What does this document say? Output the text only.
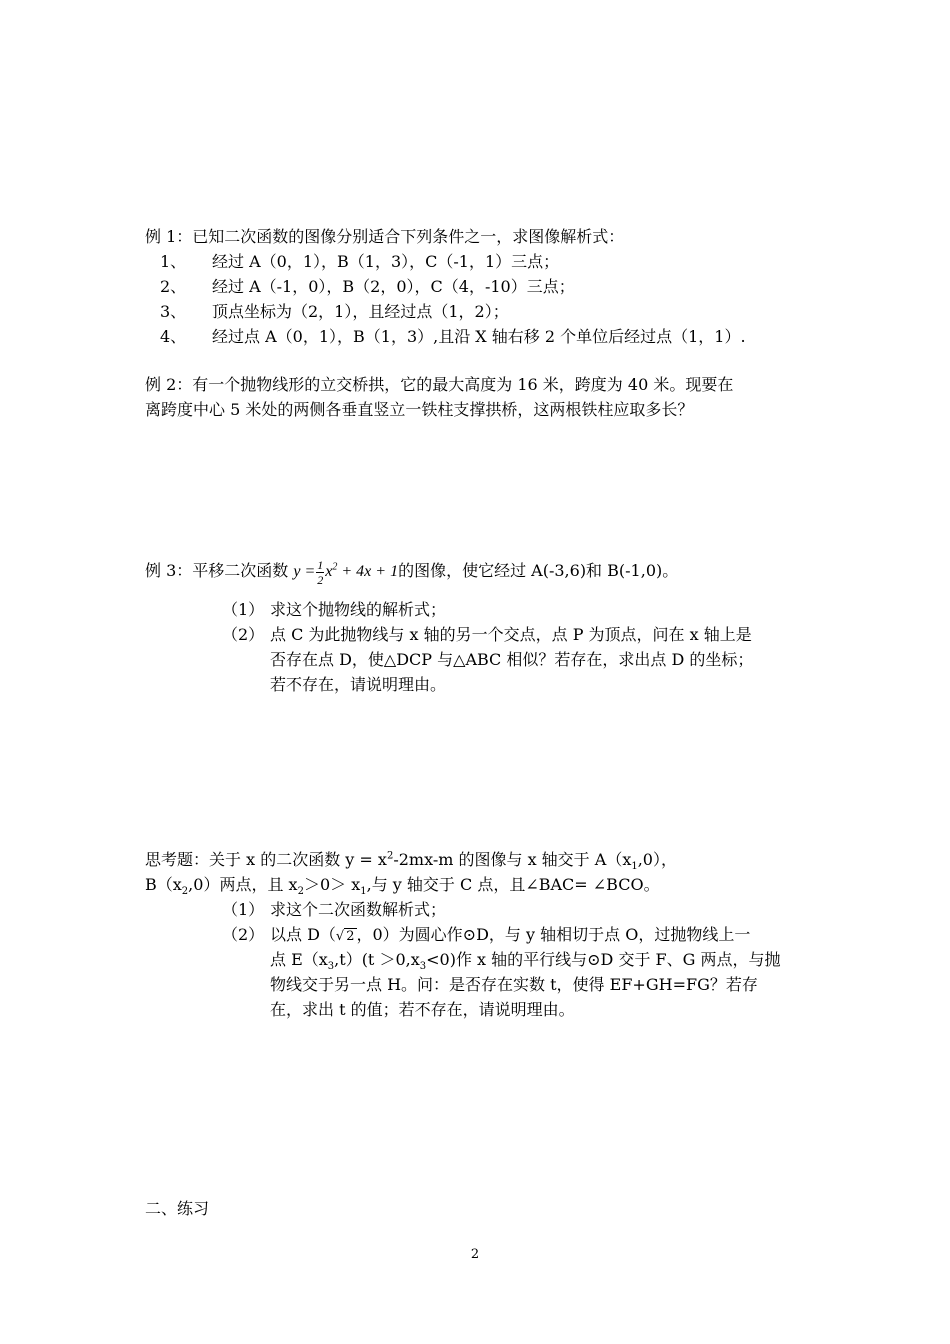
例 1：已知二次函数的图像分别适合下列条件之一，求图像解析式：
1、 经过 A（0，1），B（1，3），C（-1，1）三点；
2、 经过 A（-1，0），B（2，0），C（4，-10）三点；
3、 顶点坐标为（2，1），且经过点（1，2）；
4、 经过点 A（0，1），B（1，3）,且沿 X 轴右移 2 个单位后经过点（1，1）.
例 2：有一个抛物线形的立交桥拱，它的最大高度为 16 米，跨度为 40 米。现要在
离跨度中心 5 米处的两侧各垂直竖立一铁柱支撑拱桥，这两根铁柱应取多长？
例 3：平移二次函数 $y = \frac{1}{2} x^2 + 4x + 1$的图像，使它经过 A(-3,6)和 B(-1,0)。
（1） 求这个抛物线的解析式；
（2） 点 C 为此抛物线与 x 轴的另一个交点，点 P 为顶点，问在 x 轴上是
否存在点 D，使△DCP 与△ABC 相似？若存在，求出点 D 的坐标；
若不存在，请说明理由。
思考题：关于 x 的二次函数 $y = x^2-2mx-m$ 的图像与 x 轴交于 $A(x_1,0)$，
$B(x_2,0)$两点，且 $x_2>0> x_1$,与 y 轴交于 C 点，且∠BAC= ∠BCO。
（1） 求这个二次函数解析式；
（2） 以点 D（√ 2 ，0）为圆心作⊙D，与 y 轴相切于点 O，过抛物线上一
点 $E(x_3,t)(t >0,x_3<0)$作 x 轴的平行线与⊙D 交于 F、G 两点，与抛
物线交于另一点 H。问：是否存在实数 t，使得 EF+GH=FG？若存
在，求出 t 的值；若不存在，请说明理由。
二、练习
2
